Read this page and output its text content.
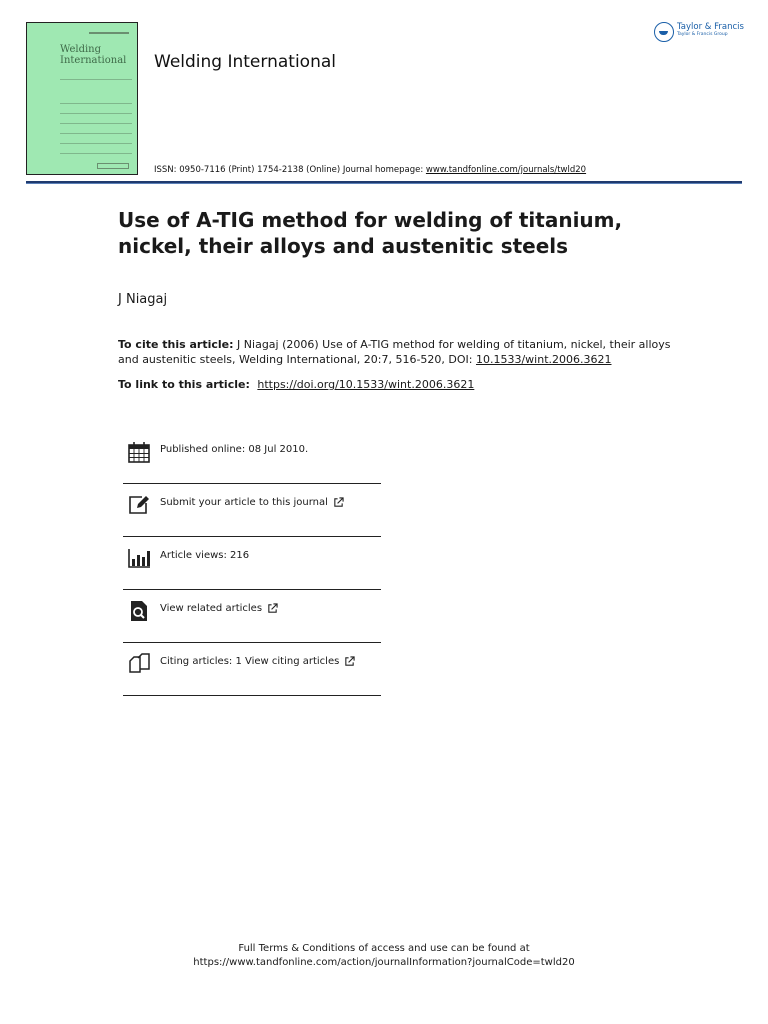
Welding International	Welding International
ISSN: 0950-7116 (Print) 1754-2138 (Online) Journal homepage: www.tandfonline.com/journals/twld20
Taylor & Francis
Taylor & Francis Group
Use of A-TIG method for welding of titanium, nickel, their alloys and austenitic steels
J Niagaj
To cite this article: J Niagaj (2006) Use of A-TIG method for welding of titanium, nickel, their alloys and austenitic steels, Welding International, 20:7, 516-520, DOI: 10.1533/wint.2006.3621
To link to this article: https://doi.org/10.1533/wint.2006.3621
Published online: 08 Jul 2010.
Submit your article to this journal
Article views: 216
View related articles
Citing articles: 1 View citing articles
Full Terms & Conditions of access and use can be found at
https://www.tandfonline.com/action/journalInformation?journalCode=twld20
